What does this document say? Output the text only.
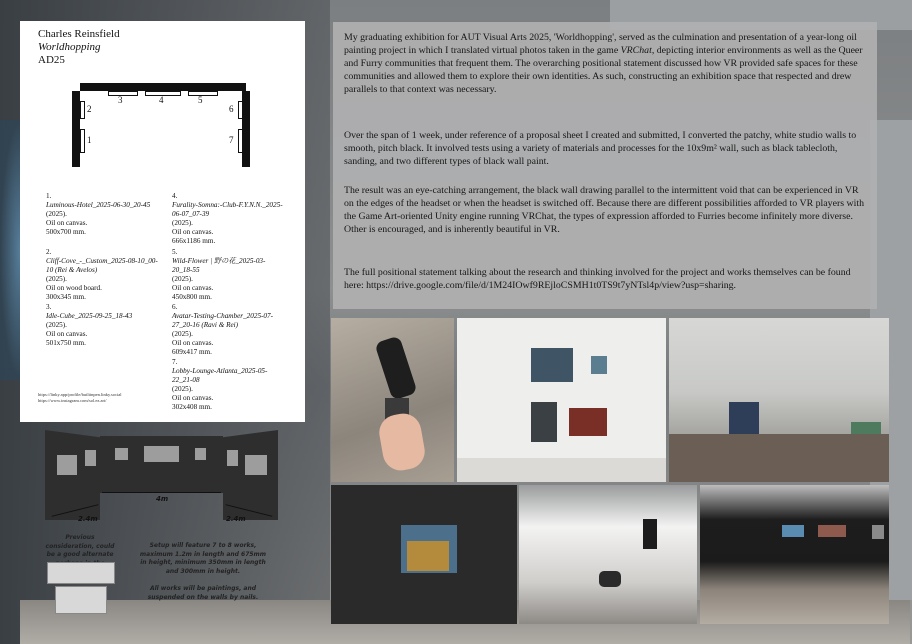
Charles Reinsfield
Worldhopping
AD25
2
1
3	4	5
6
7
1.
Luminous-Hotel_2025-06-30_20-45
(2025).
Oil on canvas.
500x700 mm.
2.
Cliff-Cove_-_Custom_2025-08-10_00-10 (Rei & Avelos)
(2025).
Oil on wood board.
300x345 mm.
3.
Idle-Cube_2025-09-25_18-43
(2025).
Oil on canvas.
501x750 mm.
4.
Furality-Somna:-Club-F.Y.N.N._2025-06-07_07-39
(2025).
Oil on canvas.
666x1186 mm.
5.
Wild-Flower | 野の花_2025-03-20_18-55
(2025).
Oil on canvas.
450x800 mm.
6.
Avatar-Testing-Chamber_2025-07-27_20-16 (Ravi & Rei)
(2025).
Oil on canvas.
609x417 mm.
7.
Lobby-Lounge-Atlanta_2025-05-22_21-08
(2025).
Oil on canvas.
302x408 mm.
https://linky.app/profile/builtinpen.linky.social
https://www.instagram.com/sol.ez.art/
4m
2.4m	2.4m
Previous consideration, could be a good alternate
Setup will feature 7 to 8 works, maximum 1.2m in length and 675mm in height, minimum 350mm in length and 300mm in height.
All works will be paintings, and suspended on the walls by nails.

My graduating exhibition for AUT Visual Arts 2025, 'Worldhopping', served as the culmination and presentation of a year-long oil painting project in which I translated virtual photos taken in the game VRChat, depicting interior environments as well as the Queer and Furry communities that frequent them. The overarching positional statement discussed how VR provided safe spaces for these communities and allowed them to explore their own identities. As such, constructing an exhibition space that respected and drew parallels to that context was necessary.

Over the span of 1 week, under reference of a proposal sheet I created and submitted, I converted the patchy, white studio walls to smooth, pitch black. It involved tests using a variety of materials and processes for the 10x9m² wall, such as black tablecloth, sanding, and two different types of black wall paint.

The result was an eye-catching arrangement, the black wall drawing parallel to the intermittent void that can be experienced in VR on the edges of the headset or when the headset is switched off. Because there are different possibilities afforded to VR players with the Game Art-oriented Unity engine running VRChat, the types of expression afforded to Furries become infinitely more diverse. Other is encouraged, and is inherently beautiful in VR.

The full positional statement talking about the research and thinking involved for the project and works themselves can be found here: https://drive.google.com/file/d/1M24IOwf9REjloCSMH1t0TS9t7yNTsl4p/view?usp=sharing.
